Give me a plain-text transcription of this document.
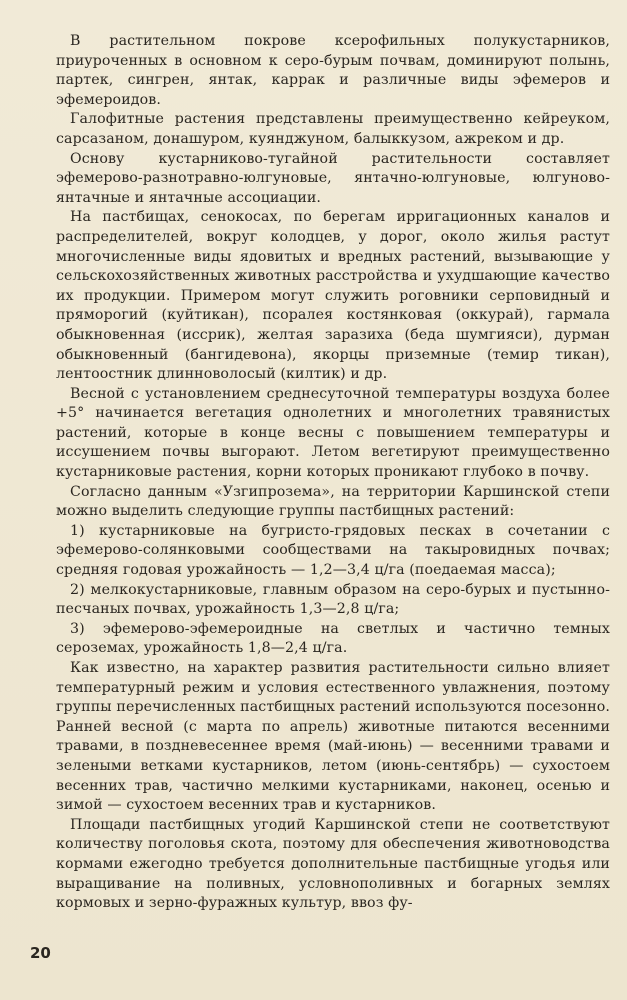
В растительном покрове ксерофильных полукустарников, приуроченных в основном к серо-бурым почвам, доминируют полынь, партек, сингрен, янтак, каррак и различные виды эфемеров и эфемероидов.

Галофитные растения представлены преимущественно кейреуком, сарсазаном, донашуром, куянджуном, балыккузом, ажреком и др.

Основу кустарниково-тугайной растительности составляет эфемерово-разнотравно-юлгуновые, янтачно-юлгуновые, юлгуново-янтачные и янтачные ассоциации.

На пастбищах, сенокосах, по берегам ирригационных каналов и распределителей, вокруг колодцев, у дорог, около жилья растут многочисленные виды ядовитых и вредных растений, вызывающие у сельскохозяйственных животных расстройства и ухудшающие качество их продукции. Примером могут служить роговники серповидный и пряморогий (куйтикан), псоралея костянковая (оккурай), гармала обыкновенная (иссрик), желтая заразиха (беда шумгияси), дурман обыкновенный (бангидевона), якорцы приземные (темир тикан), лентоостник длинноволосый (килтик) и др.

Весной с установлением среднесуточной температуры воздуха более +5° начинается вегетация однолетних и многолетних травянистых растений, которые в конце весны с повышением температуры и иссушением почвы выгорают. Летом вегетируют преимущественно кустарниковые растения, корни которых проникают глубоко в почву.

Согласно данным «Узгипрозема», на территории Каршинской степи можно выделить следующие группы пастбищных растений:

1) кустарниковые на бугристо-грядовых песках в сочетании с эфемерово-солянковыми сообществами на такыровидных почвах; средняя годовая урожайность — 1,2—3,4 ц/га (поедаемая масса);

2) мелкокустарниковые, главным образом на серо-бурых и пустынно-песчаных почвах, урожайность 1,3—2,8 ц/га;

3) эфемерово-эфемероидные на светлых и частично темных сероземах, урожайность 1,8—2,4 ц/га.

Как известно, на характер развития растительности сильно влияет температурный режим и условия естественного увлажнения, поэтому группы перечисленных пастбищных растений используются посезонно. Ранней весной (с марта по апрель) животные питаются весенними травами, в поздневесеннее время (май-июнь) — весенними травами и зелеными ветками кустарников, летом (июнь-сентябрь) — сухостоем весенних трав, частично мелкими кустарниками, наконец, осенью и зимой — сухостоем весенних трав и кустарников.

Площади пастбищных угодий Каршинской степи не соответствуют количеству поголовья скота, поэтому для обеспечения животноводства кормами ежегодно требуется дополнительные пастбищные угодья или выращивание на поливных, условнополивных и богарных землях кормовых и зерно-фуражных культур, ввоз фу-

20
